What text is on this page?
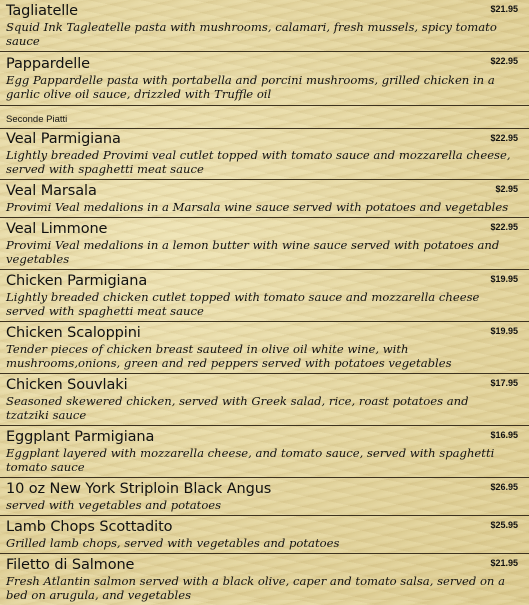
Tagliatelle	$21.95
Squid Ink Tagleatelle pasta with mushrooms, calamari, fresh mussels, spicy tomato sauce
Pappardelle	$22.95
Egg Pappardelle pasta with portabella and porcini mushrooms, grilled chicken in a garlic olive oil sauce, drizzled with Truffle oil
Seconde Piatti
Veal Parmigiana	$22.95
Lightly breaded Provimi veal cutlet topped with tomato sauce and mozzarella cheese, served with spaghetti meat sauce
Veal Marsala	$2.95
Provimi Veal medalions in a Marsala wine sauce served with potatoes and vegetables
Veal Limmone	$22.95
Provimi Veal medalions in a lemon butter with wine sauce served with potatoes and vegetables
Chicken Parmigiana	$19.95
Lightly breaded chicken cutlet topped with tomato sauce and mozzarella cheese served with spaghetti meat sauce
Chicken Scaloppini	$19.95
Tender pieces of chicken breast sauteed in olive oil white wine, with mushrooms,onions, green and red peppers served with potatoes vegetables
Chicken Souvlaki	$17.95
Seasoned skewered chicken, served with Greek salad, rice, roast potatoes and tzatziki sauce
Eggplant Parmigiana	$16.95
Eggplant layered with mozzarella cheese, and tomato sauce, served with spaghetti tomato sauce
10 oz New York Striploin Black Angus	$26.95
served with vegetables and potatoes
Lamb Chops Scottadito	$25.95
Grilled lamb chops, served with vegetables and potatoes
Filetto di Salmone	$21.95
Fresh Atlantin salmon served with a black olive, caper and tomato salsa, served on a bed on arugula, and vegetables
